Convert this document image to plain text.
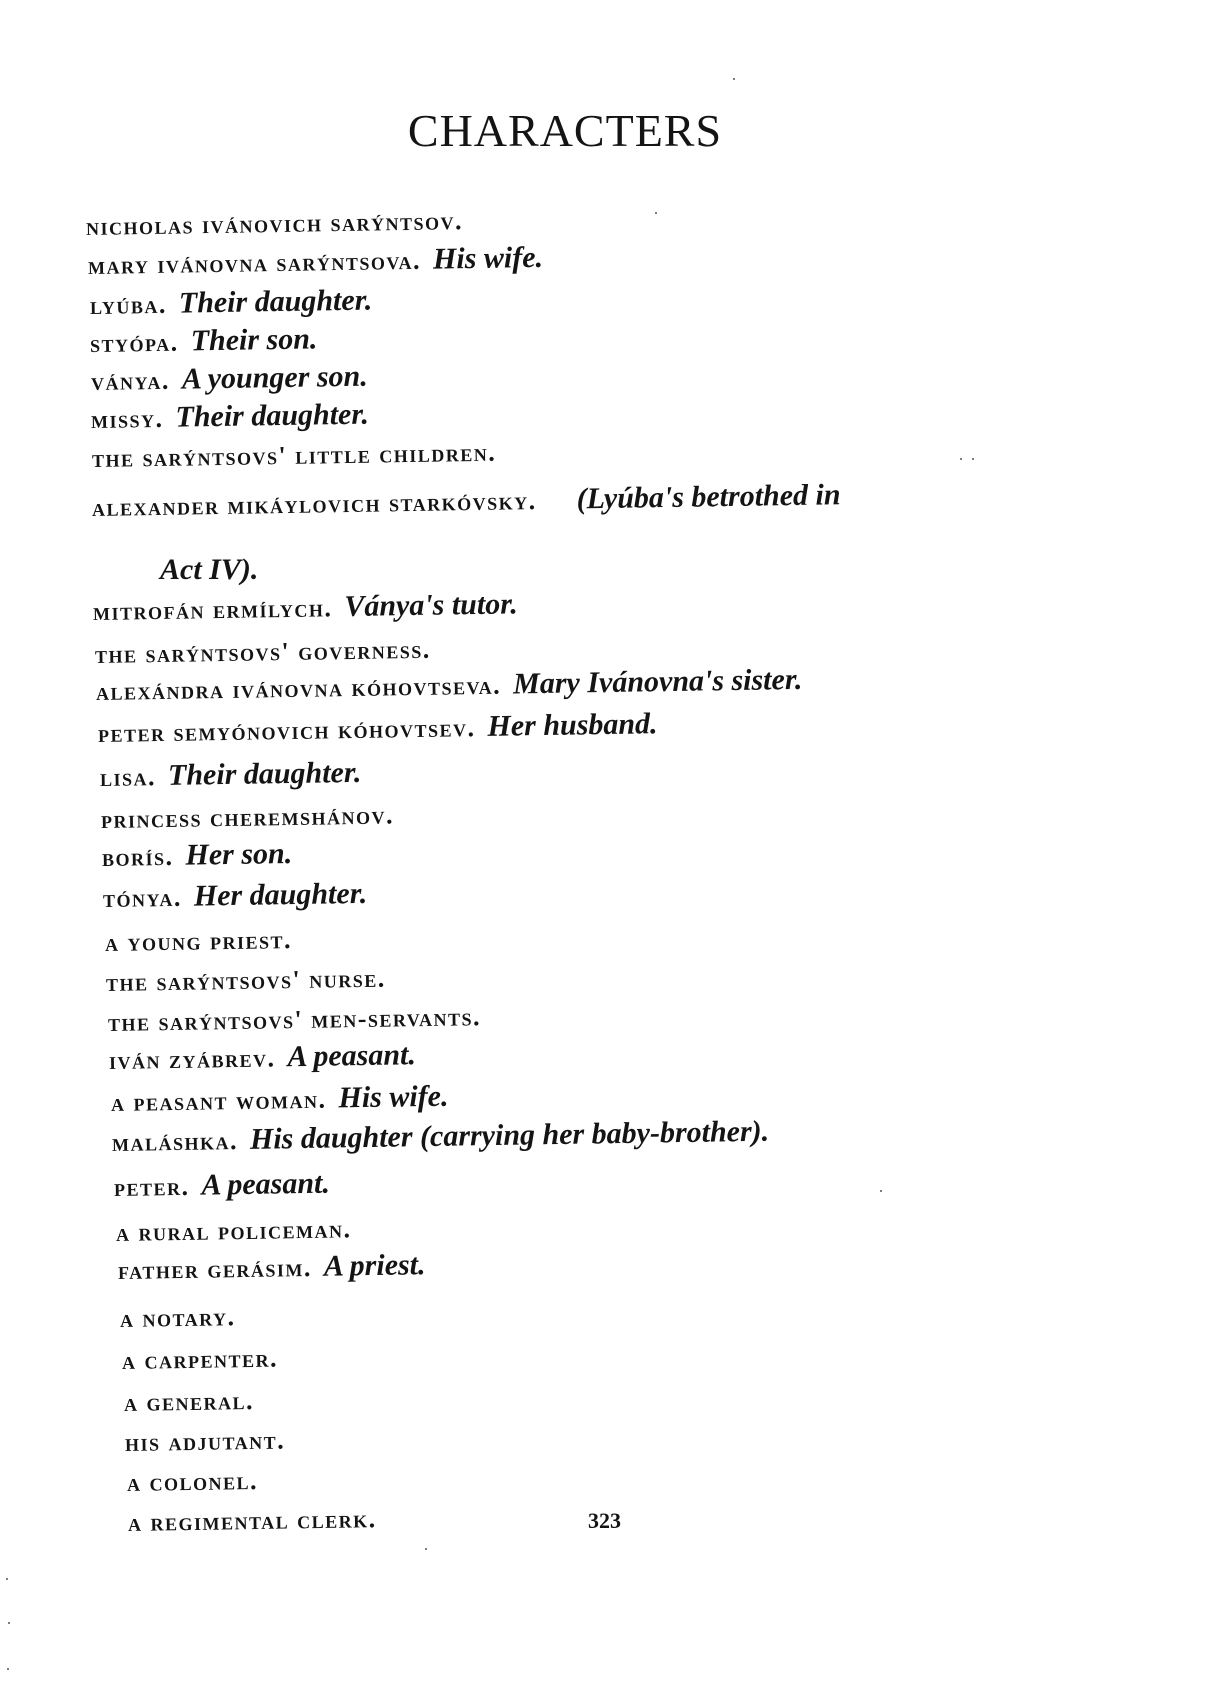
CHARACTERS
nicholas ivánovich sarýntsov.
mary ivánovna sarýntsova. His wife.
lyúba. Their daughter.
styópa. Their son.
ványa. A younger son.
missy. Their daughter.
the sarýntsovs' little children.
alexander mikáylovich starkóvsky. (Lyúba's betrothed in
Act IV).
mitrofán ermílych. Ványa's tutor.
the sarýntsovs' governess.
alexándra ivánovna kóhovtseva. Mary Ivánovna's sister.
peter semyónovich kóhovtsev. Her husband.
lisa. Their daughter.
princess cheremshánov.
borís. Her son.
tónya. Her daughter.
a young priest.
the sarýntsovs' nurse.
the sarýntsovs' men-servants.
iván zyábrev. A peasant.
a peasant woman. His wife.
maláshka. His daughter (carrying her baby-brother).
peter. A peasant.
a rural policeman.
father gerásim. A priest.
a notary.
a carpenter.
a general.
his adjutant.
a colonel.
a regimental clerk.	323
